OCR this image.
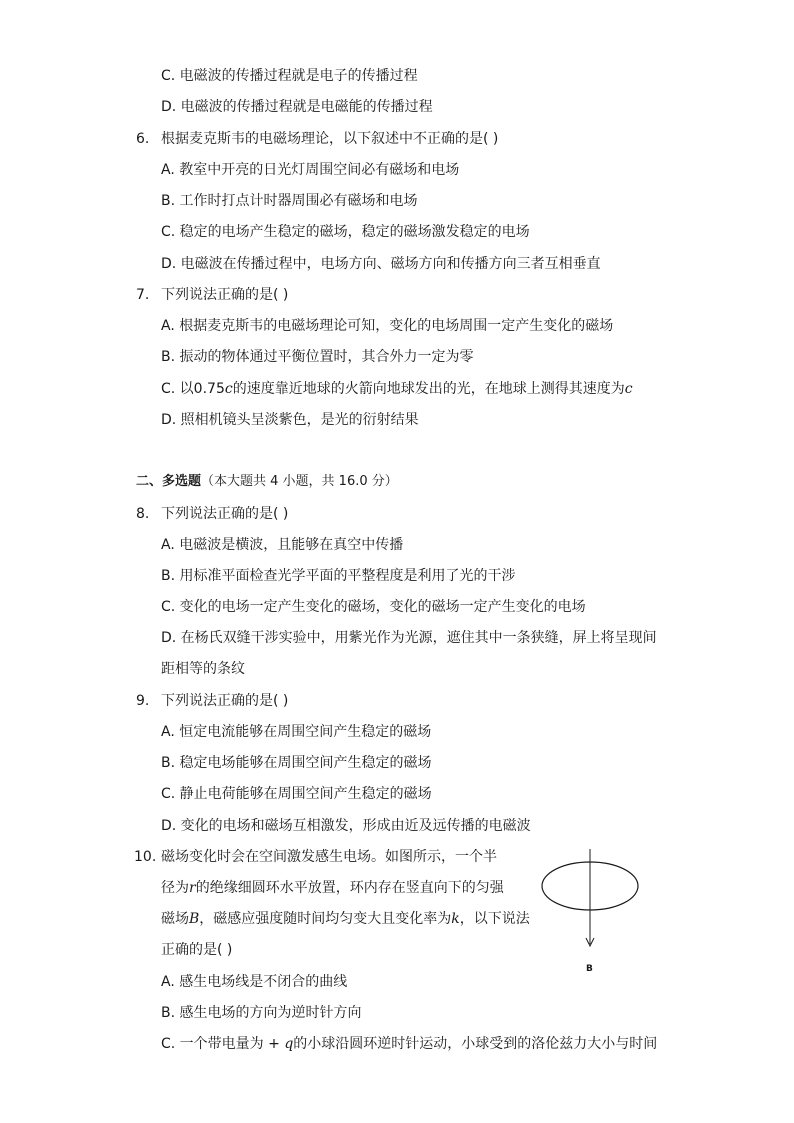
C. 电磁波的传播过程就是电子的传播过程
D. 电磁波的传播过程就是电磁能的传播过程
6. 根据麦克斯韦的电磁场理论，以下叙述中不正确的是( )
A. 教室中开亮的日光灯周围空间必有磁场和电场
B. 工作时打点计时器周围必有磁场和电场
C. 稳定的电场产生稳定的磁场，稳定的磁场激发稳定的电场
D. 电磁波在传播过程中，电场方向、磁场方向和传播方向三者互相垂直
7. 下列说法正确的是( )
A. 根据麦克斯韦的电磁场理论可知，变化的电场周围一定产生变化的磁场
B. 振动的物体通过平衡位置时，其合外力一定为零
C. 以0.75c的速度靠近地球的火箭向地球发出的光，在地球上测得其速度为c
D. 照相机镜头呈淡紫色，是光的衍射结果
二、多选题（本大题共 4 小题，共 16.0 分）
8. 下列说法正确的是( )
A. 电磁波是横波，且能够在真空中传播
B. 用标准平面检查光学平面的平整程度是利用了光的干涉
C. 变化的电场一定产生变化的磁场，变化的磁场一定产生变化的电场
D. 在杨氏双缝干涉实验中，用紫光作为光源，遮住其中一条狭缝，屏上将呈现间
距相等的条纹
9. 下列说法正确的是( )
A. 恒定电流能够在周围空间产生稳定的磁场
B. 稳定电场能够在周围空间产生稳定的磁场
C. 静止电荷能够在周围空间产生稳定的磁场
D. 变化的电场和磁场互相激发，形成由近及远传播的电磁波
10. 磁场变化时会在空间激发感生电场。如图所示，一个半
径为r的绝缘细圆环水平放置，环内存在竖直向下的匀强
磁场B，磁感应强度随时间均匀变大且变化率为k，以下说法
正确的是( )
A. 感生电场线是不闭合的曲线
B. 感生电场的方向为逆时针方向
C. 一个带电量为 + q的小球沿圆环逆时针运动，小球受到的洛伦兹力大小与时间
B
